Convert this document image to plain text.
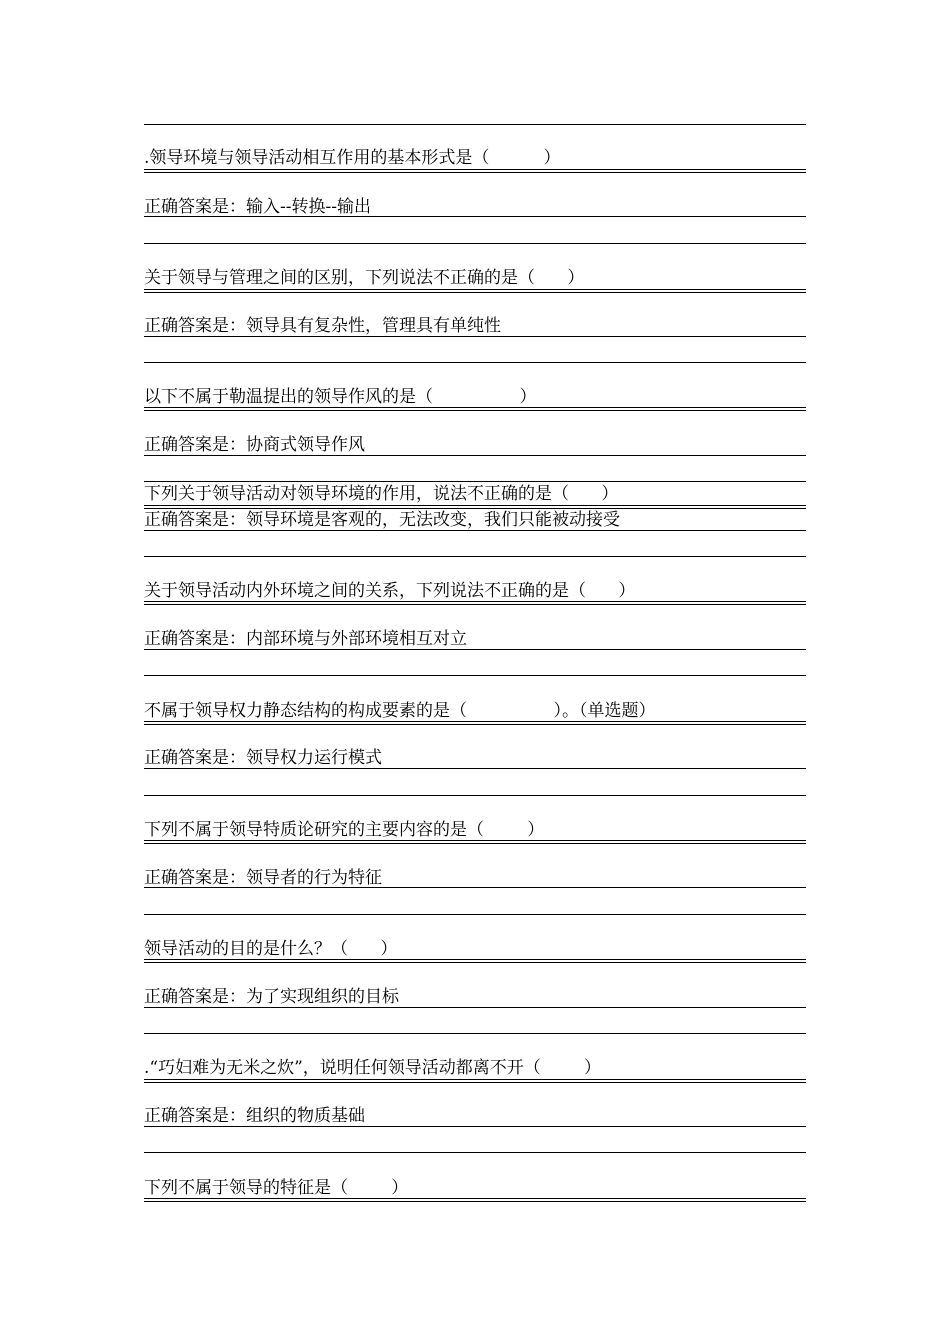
.领导环境与领导活动相互作用的基本形式是（          ）
正确答案是：输入--转换--输出
关于领导与管理之间的区别，下列说法不正确的是（      ）
正确答案是：领导具有复杂性，管理具有单纯性
以下不属于勒温提出的领导作风的是（                ）
正确答案是：协商式领导作风
下列关于领导活动对领导环境的作用，说法不正确的是（      ）
正确答案是：领导环境是客观的，无法改变，我们只能被动接受
关于领导活动内外环境之间的关系，下列说法不正确的是（      ）
正确答案是：内部环境与外部环境相互对立
不属于领导权力静态结构的构成要素的是（                ）。（单选题）
正确答案是：领导权力运行模式
下列不属于领导特质论研究的主要内容的是（        ）
正确答案是：领导者的行为特征
领导活动的目的是什么？（      ）
正确答案是：为了实现组织的目标
.“巧妇难为无米之炊”，说明任何领导活动都离不开（        ）
正确答案是：组织的物质基础
下列不属于领导的特征是（        ）
